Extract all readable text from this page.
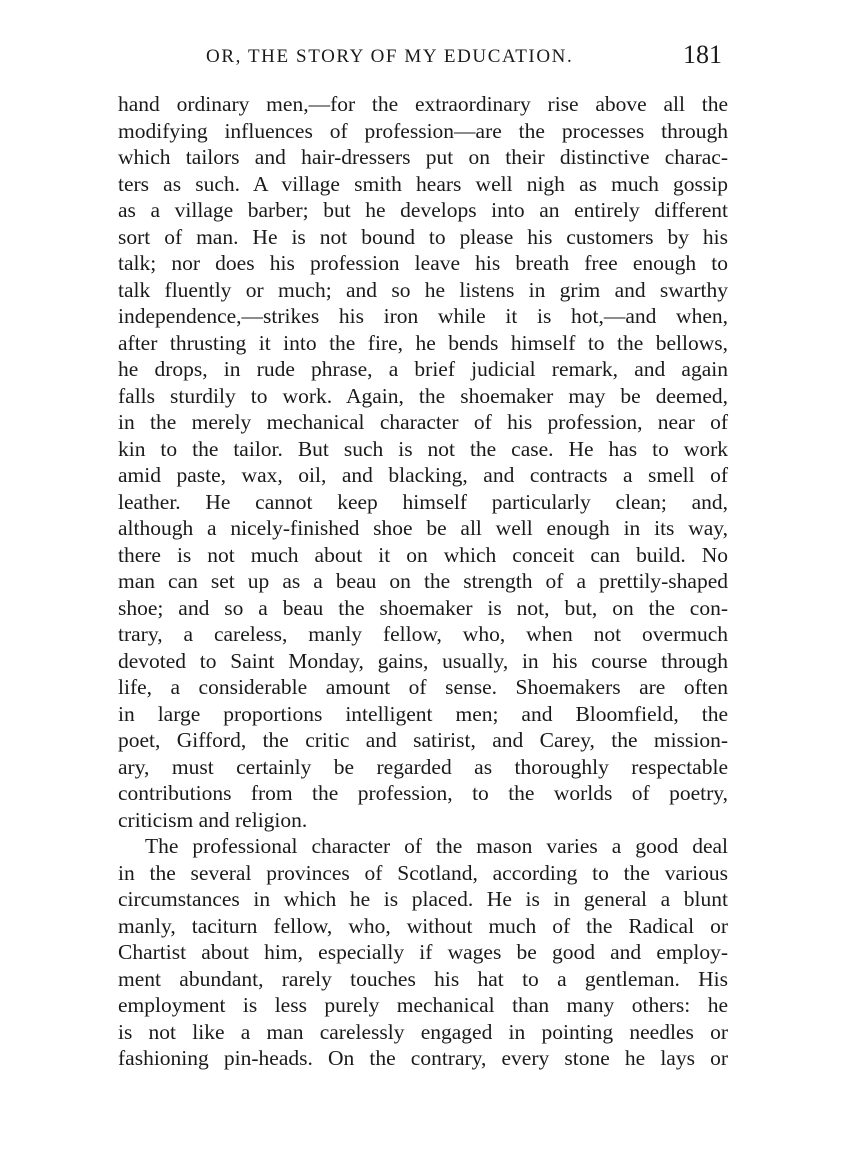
OR, THE STORY OF MY EDUCATION.	181
hand ordinary men,—for the extraordinary rise above all the
modifying influences of profession—are the processes through
which tailors and hair-dressers put on their distinctive charac-
ters as such. A village smith hears well nigh as much gossip
as a village barber; but he develops into an entirely different
sort of man. He is not bound to please his customers by his
talk; nor does his profession leave his breath free enough to
talk fluently or much; and so he listens in grim and swarthy
independence,—strikes his iron while it is hot,—and when,
after thrusting it into the fire, he bends himself to the bellows,
he drops, in rude phrase, a brief judicial remark, and again
falls sturdily to work. Again, the shoemaker may be deemed,
in the merely mechanical character of his profession, near of
kin to the tailor. But such is not the case. He has to work
amid paste, wax, oil, and blacking, and contracts a smell of
leather. He cannot keep himself particularly clean; and,
although a nicely-finished shoe be all well enough in its way,
there is not much about it on which conceit can build. No
man can set up as a beau on the strength of a prettily-shaped
shoe; and so a beau the shoemaker is not, but, on the con-
trary, a careless, manly fellow, who, when not overmuch
devoted to Saint Monday, gains, usually, in his course through
life, a considerable amount of sense. Shoemakers are often
in large proportions intelligent men; and Bloomfield, the
poet, Gifford, the critic and satirist, and Carey, the mission-
ary, must certainly be regarded as thoroughly respectable
contributions from the profession, to the worlds of poetry,
criticism and religion.
The professional character of the mason varies a good deal
in the several provinces of Scotland, according to the various
circumstances in which he is placed. He is in general a blunt
manly, taciturn fellow, who, without much of the Radical or
Chartist about him, especially if wages be good and employ-
ment abundant, rarely touches his hat to a gentleman. His
employment is less purely mechanical than many others: he
is not like a man carelessly engaged in pointing needles or
fashioning pin-heads. On the contrary, every stone he lays or
